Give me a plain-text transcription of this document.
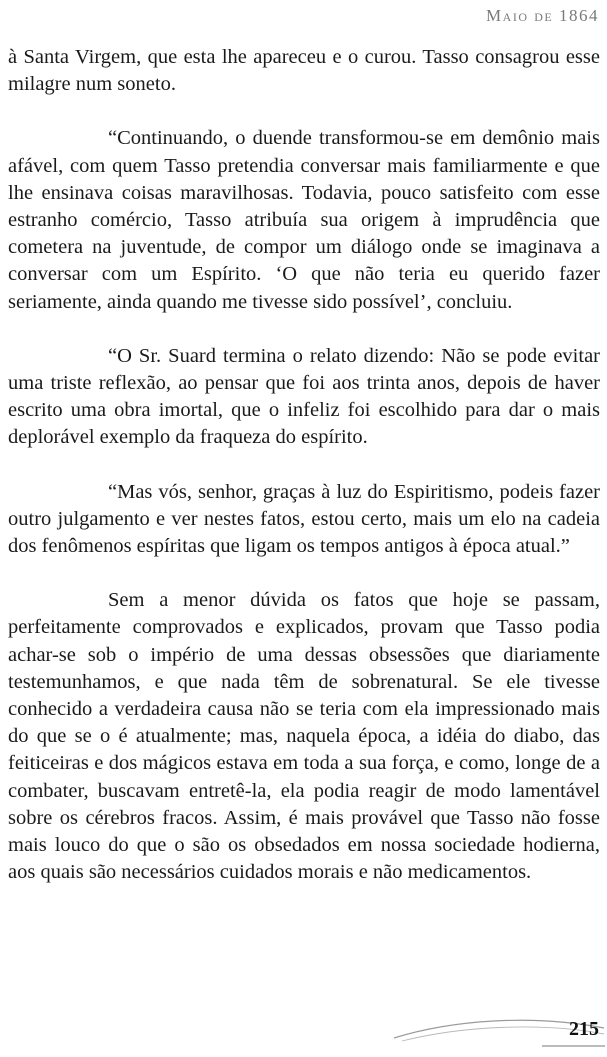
Maio de 1864

à Santa Virgem, que esta lhe apareceu e o curou. Tasso consagrou esse milagre num soneto.

“Continuando, o duende transformou-se em demônio mais afável, com quem Tasso pretendia conversar mais familiarmente e que lhe ensinava coisas maravilhosas. Todavia, pouco satisfeito com esse estranho comércio, Tasso atribuía sua origem à imprudência que cometera na juventude, de compor um diálogo onde se imaginava a conversar com um Espírito. ‘O que não teria eu querido fazer seriamente, ainda quando me tivesse sido possível’, concluiu.

“O Sr. Suard termina o relato dizendo: Não se pode evitar uma triste reflexão, ao pensar que foi aos trinta anos, depois de haver escrito uma obra imortal, que o infeliz foi escolhido para dar o mais deplorável exemplo da fraqueza do espírito.

“Mas vós, senhor, graças à luz do Espiritismo, podeis fazer outro julgamento e ver nestes fatos, estou certo, mais um elo na cadeia dos fenômenos espíritas que ligam os tempos antigos à época atual.”

Sem a menor dúvida os fatos que hoje se passam, perfeitamente comprovados e explicados, provam que Tasso podia achar-se sob o império de uma dessas obsessões que diariamente testemunhamos, e que nada têm de sobrenatural. Se ele tivesse conhecido a verdadeira causa não se teria com ela impressionado mais do que se o é atualmente; mas, naquela época, a idéia do diabo, das feiticeiras e dos mágicos estava em toda a sua força, e como, longe de a combater, buscavam entretê-la, ela podia reagir de modo lamentável sobre os cérebros fracos. Assim, é mais provável que Tasso não fosse mais louco do que o são os obsedados em nossa sociedade hodierna, aos quais são necessários cuidados morais e não medicamentos.

215
